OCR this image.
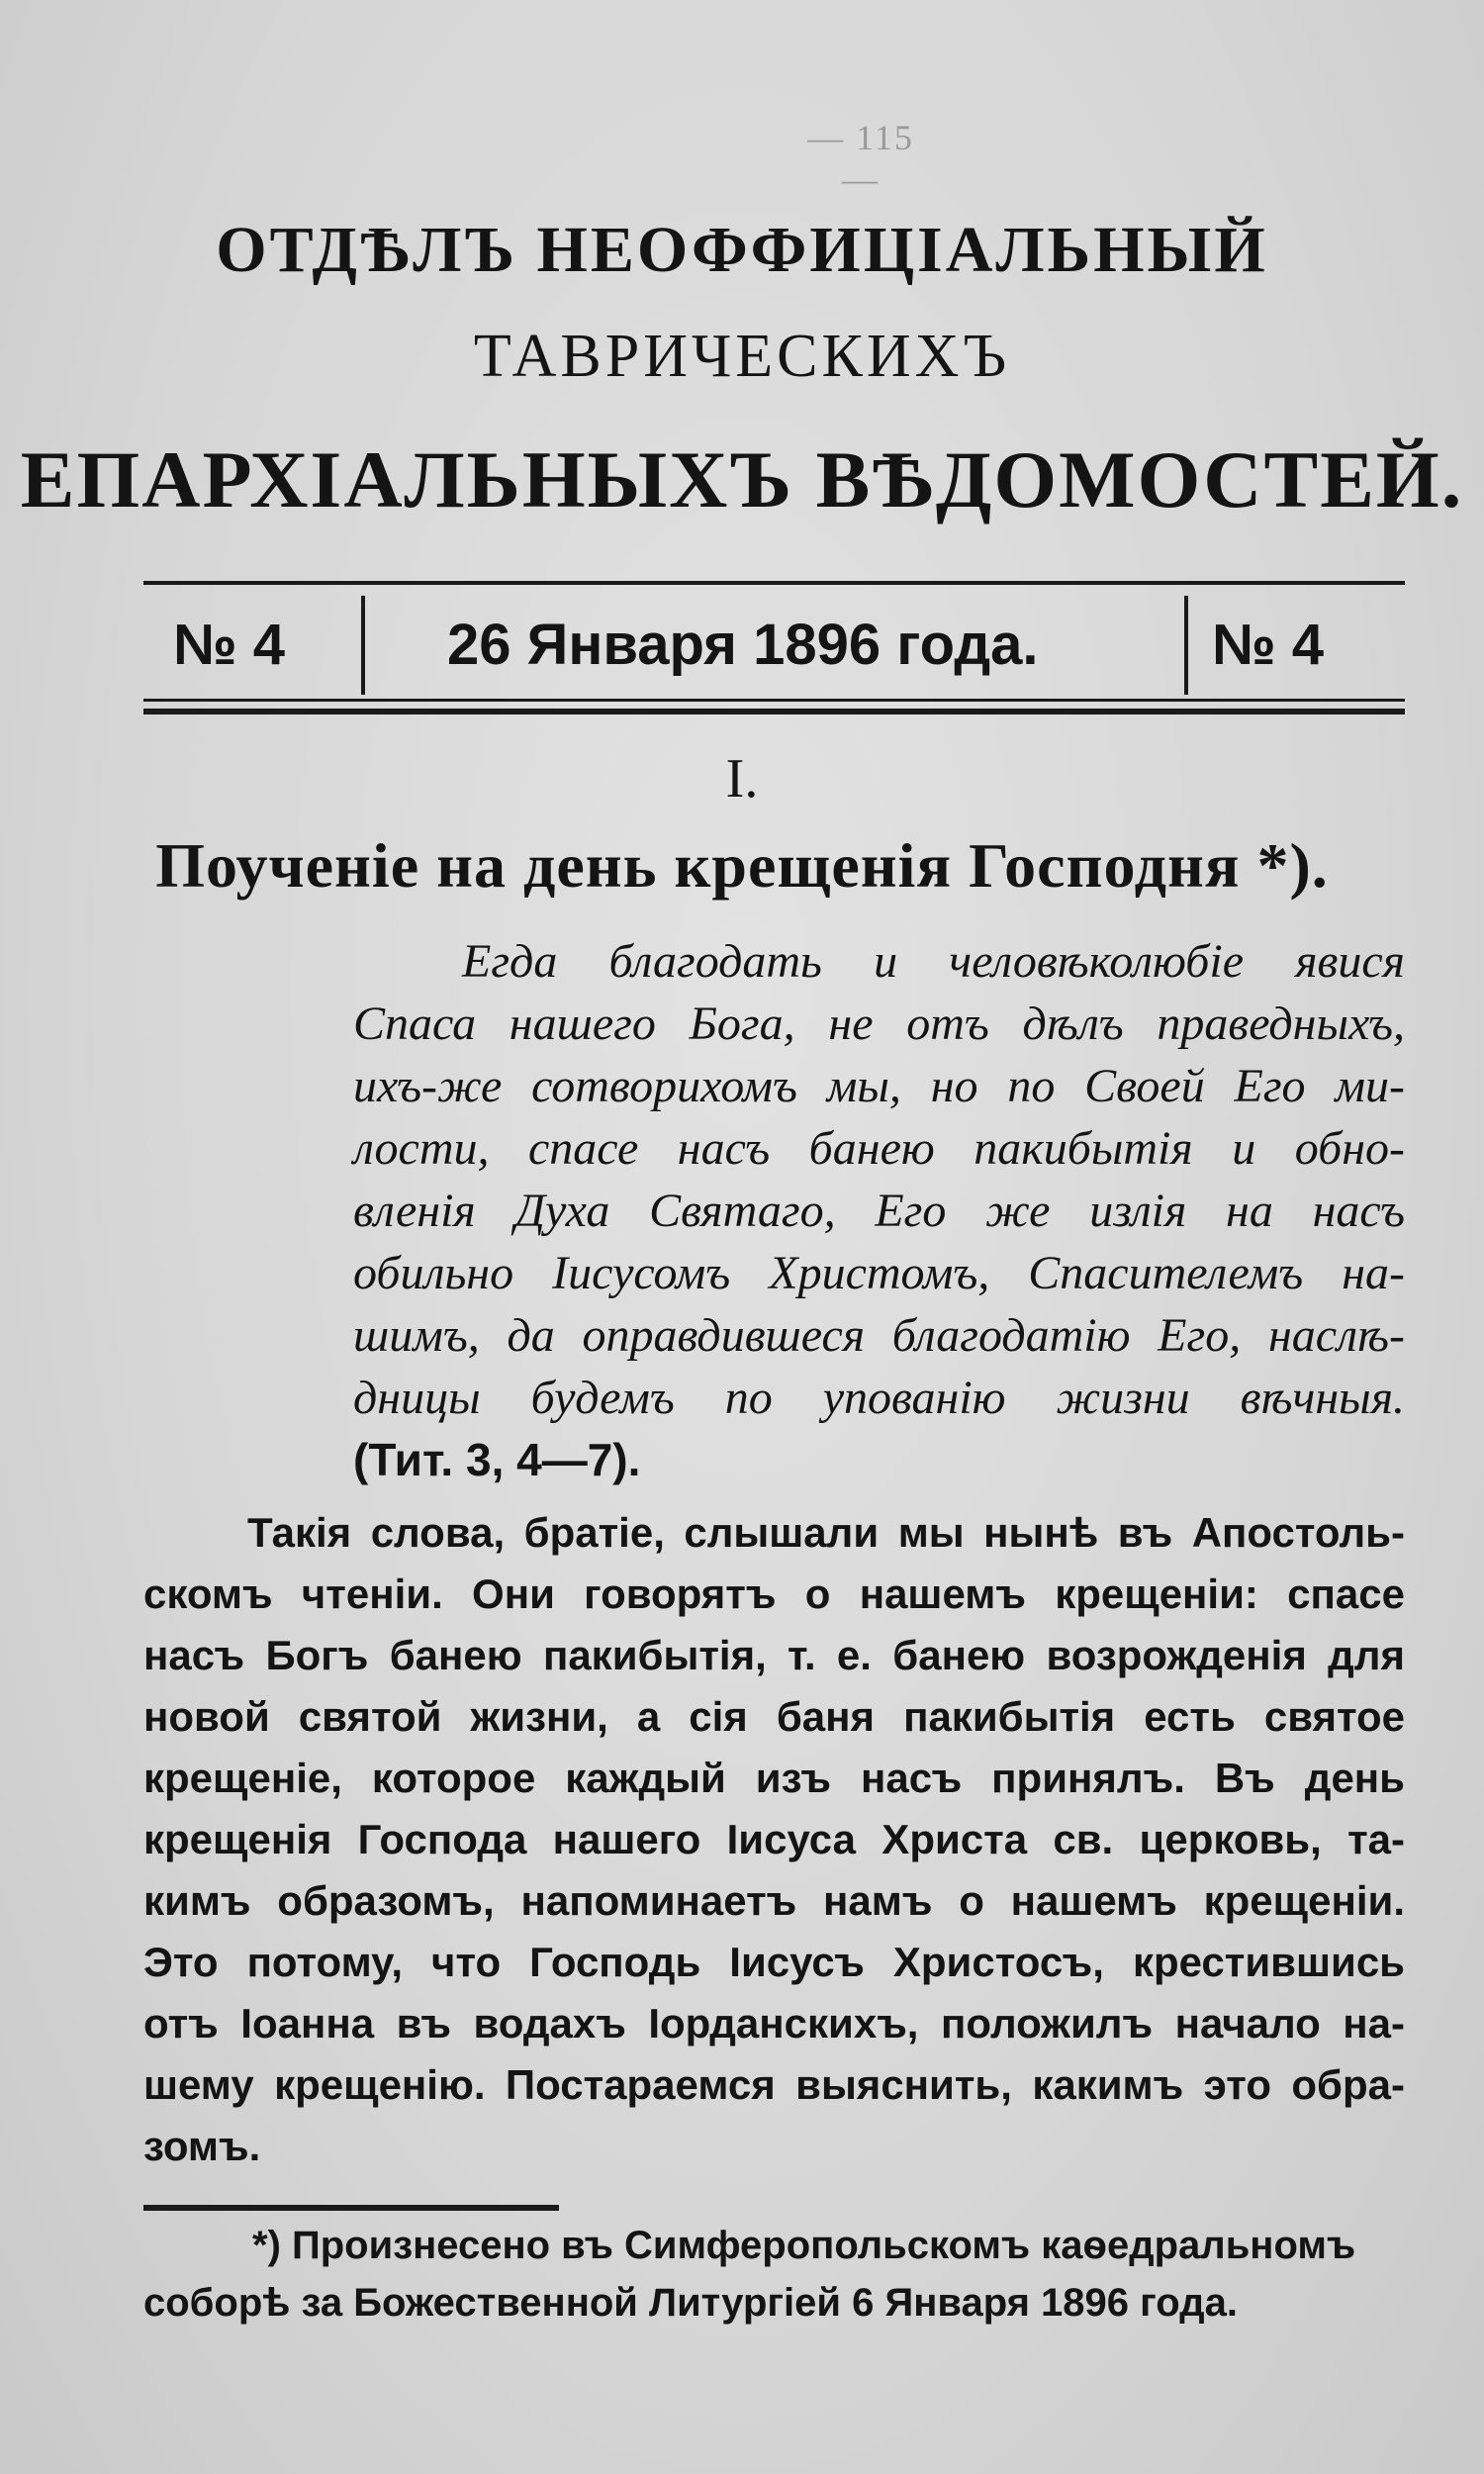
— 115 —
ОТДѢЛЪ НЕОФФИЦІАЛЬНЫЙ
ТАВРИЧЕСКИХЪ
ЕПАРХІАЛЬНЫХЪ ВѢДОМОСТЕЙ.
№ 4	26 Января 1896 года.	№ 4
I.
Поученіе на день крещенія Господня *).
Егда благодать и человѣколюбіе явися
Спаса нашего Бога, не отъ дѣлъ праведныхъ,
ихъ-же сотворихомъ мы, но по Своей Его ми-
лости, спасе насъ банею пакибытія и обно-
вленія Духа Святаго, Его же излія на насъ
обильно Іисусомъ Христомъ, Спасителемъ на-
шимъ, да оправдившеся благодатію Его, наслѣ-
дницы будемъ по упованію жизни вѣчныя.
(Тит. 3, 4—7).
Такія слова, братіе, слышали мы нынѣ въ Апостоль-
скомъ чтеніи. Они говорятъ о нашемъ крещеніи: спасе
насъ Богъ банею пакибытія, т. е. банею возрожденія для
новой святой жизни, а сія баня пакибытія есть святое
крещеніе, которое каждый изъ насъ принялъ. Въ день
крещенія Господа нашего Іисуса Христа св. церковь, та-
кимъ образомъ, напоминаетъ намъ о нашемъ крещеніи.
Это потому, что Господь Іисусъ Христосъ, крестившись
отъ Іоанна въ водахъ Іорданскихъ, положилъ начало на-
шему крещенію. Постараемся выяснить, какимъ это обра-
зомъ.
*) Произнесено въ Симферопольскомъ каѳедральномъ
соборѣ за Божественной Литургіей 6 Января 1896 года.
